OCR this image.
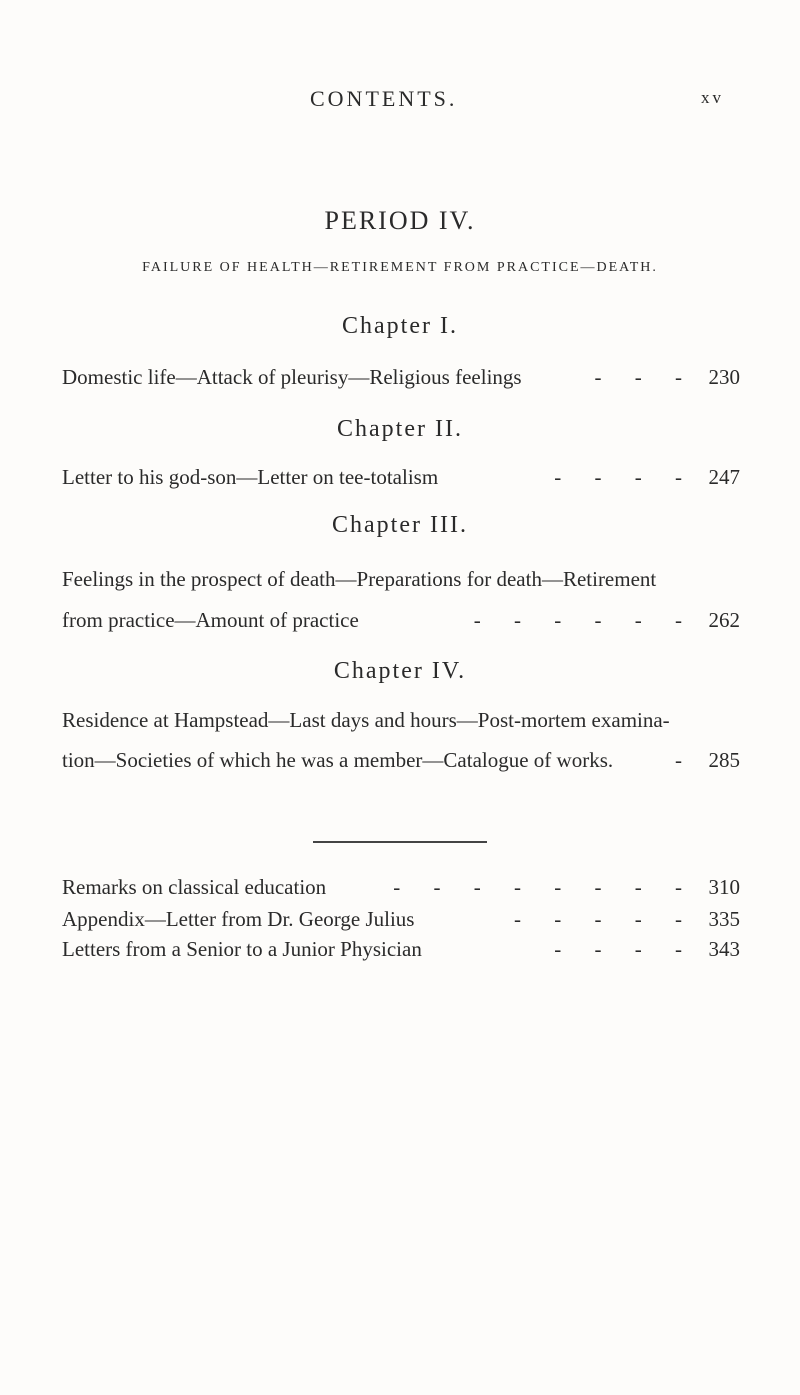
CONTENTS.	xv
PERIOD IV.
FAILURE OF HEALTH—RETIREMENT FROM PRACTICE—DEATH.
Chapter I.
Domestic life—Attack of pleurisy—Religious feelings	- - - 230
Chapter II.
Letter to his god-son—Letter on tee-totalism	- - - - 247
Chapter III.
Feelings in the prospect of death—Preparations for death—Retirement
from practice—Amount of practice	- - - - - - 262
Chapter IV.
Residence at Hampstead—Last days and hours—Post-mortem examina-
tion—Societies of which he was a member—Catalogue of works.	- 285
Remarks on classical education	- - - - - - - - 310
Appendix—Letter from Dr. George Julius	- - - - - 335
Letters from a Senior to a Junior Physician	- - - - 343
